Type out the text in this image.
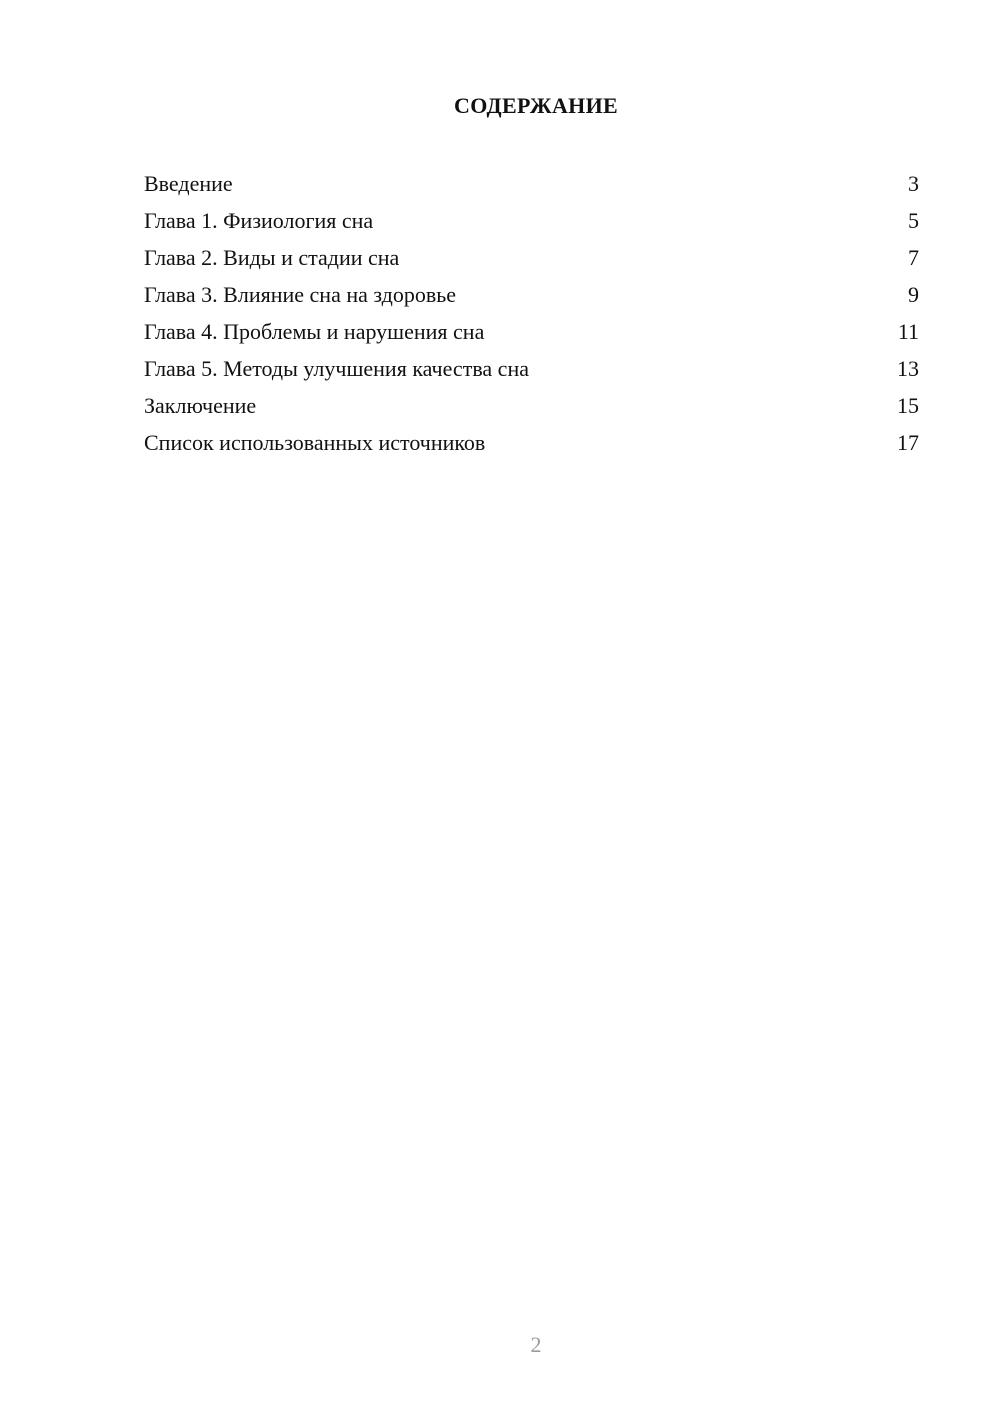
СОДЕРЖАНИЕ
Введение	3
Глава 1. Физиология сна	5
Глава 2. Виды и стадии сна	7
Глава 3. Влияние сна на здоровье	9
Глава 4. Проблемы и нарушения сна	11
Глава 5. Методы улучшения качества сна	13
Заключение	15
Список использованных источников	17
2
